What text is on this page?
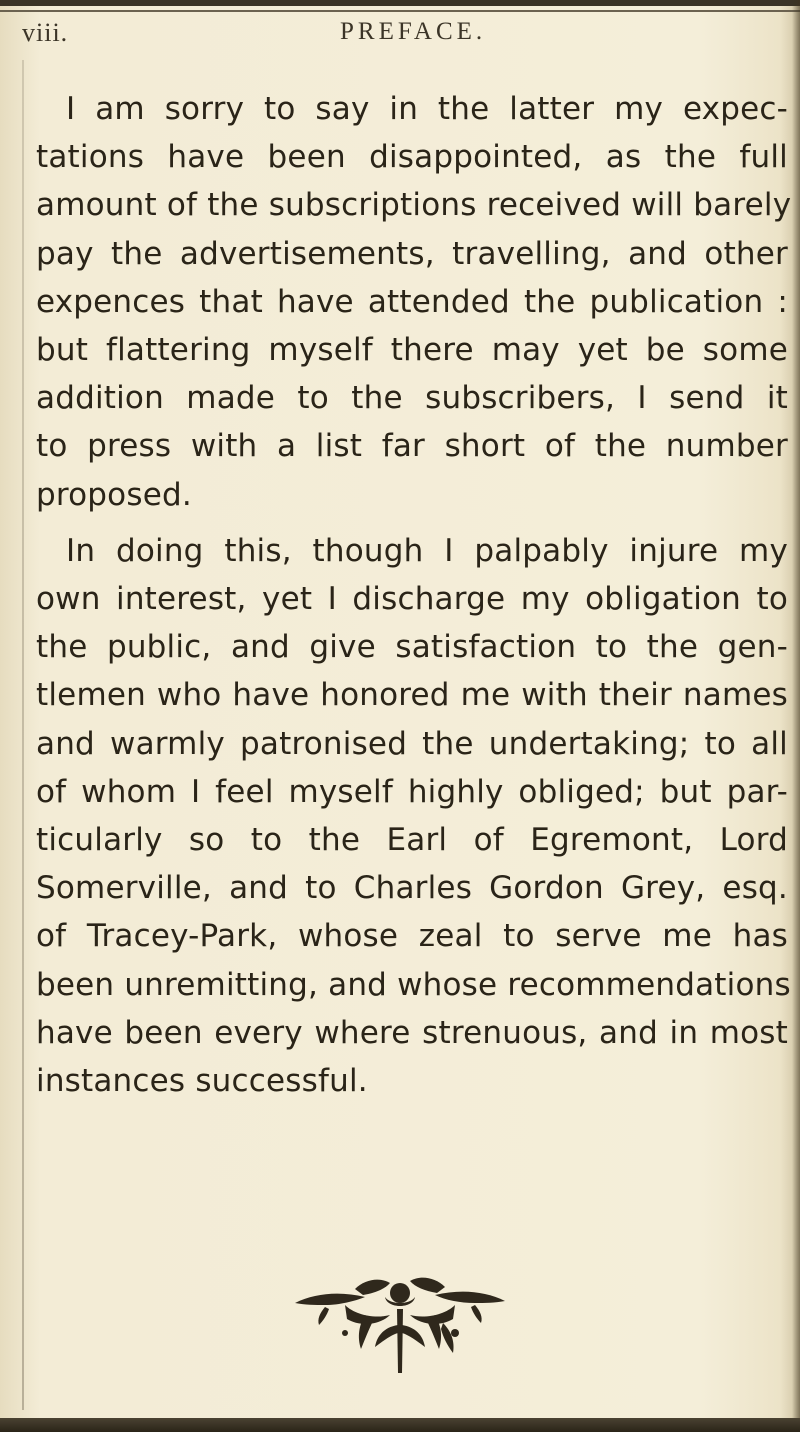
viii.	PREFACE.
I am sorry to say in the latter my expec-
tations have been disappointed, as the full
amount of the subscriptions received will barely
pay the advertisements, travelling, and other
expences that have attended the publication :
but flattering myself there may yet be some
addition made to the subscribers, I send it
to press with a list far short of the number
proposed.
In doing this, though I palpably injure my
own interest, yet I discharge my obligation to
the public, and give satisfaction to the gen-
tlemen who have honored me with their names
and warmly patronised the undertaking; to all
of whom I feel myself highly obliged; but par-
ticularly so to the Earl of Egremont, Lord
Somerville, and to Charles Gordon Grey, esq.
of Tracey-Park, whose zeal to serve me has
been unremitting, and whose recommendations
have been every where strenuous, and in most
instances successful.
